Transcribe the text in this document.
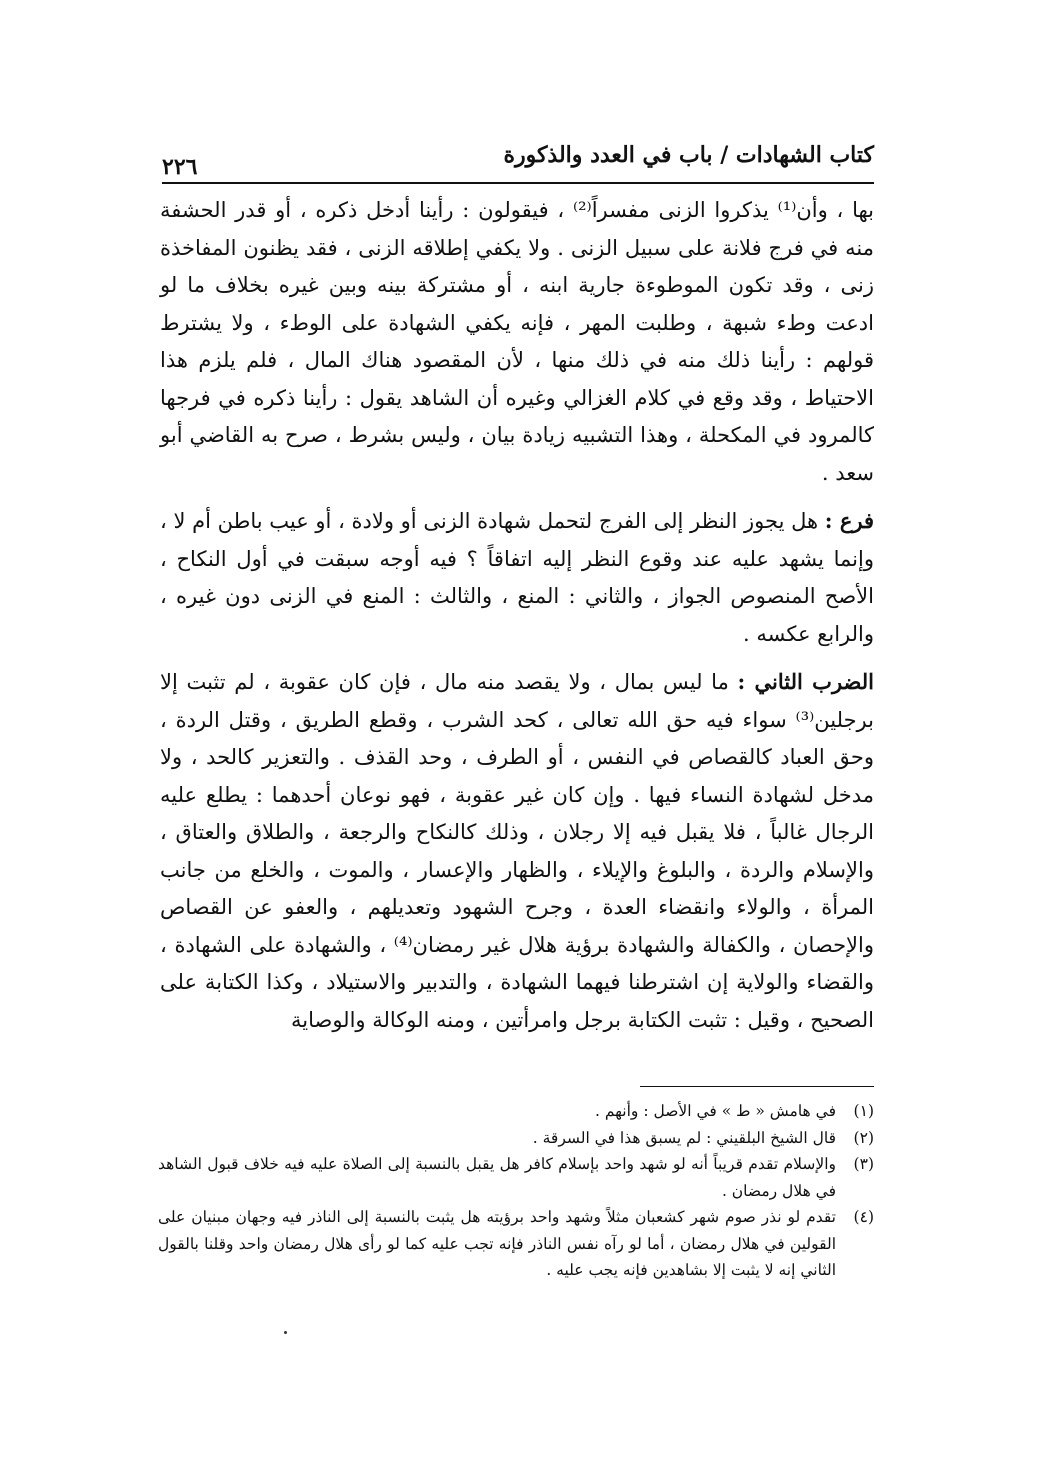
كتاب الشهادات / باب في العدد والذكورة
٢٢٦

بها ، وأن⁽¹⁾ يذكروا الزنى مفسراً⁽²⁾ ، فيقولون : رأينا أدخل ذكره ، أو قدر الحشفة منه في فرج فلانة على سبيل الزنى . ولا يكفي إطلاقه الزنى ، فقد يظنون المفاخذة زنى ، وقد تكون الموطوءة جارية ابنه ، أو مشتركة بينه وبين غيره بخلاف ما لو ادعت وطء شبهة ، وطلبت المهر ، فإنه يكفي الشهادة على الوطء ، ولا يشترط قولهم : رأينا ذلك منه في ذلك منها ، لأن المقصود هناك المال ، فلم يلزم هذا الاحتياط ، وقد وقع في كلام الغزالي وغيره أن الشاهد يقول : رأينا ذكره في فرجها كالمرود في المكحلة ، وهذا التشبيه زيادة بيان ، وليس بشرط ، صرح به القاضي أبو سعد .

فرع : هل يجوز النظر إلى الفرج لتحمل شهادة الزنى أو ولادة ، أو عيب باطن أم لا ، وإنما يشهد عليه عند وقوع النظر إليه اتفاقاً ؟ فيه أوجه سبقت في أول النكاح ، الأصح المنصوص الجواز ، والثاني : المنع ، والثالث : المنع في الزنى دون غيره ، والرابع عكسه .

الضرب الثاني : ما ليس بمال ، ولا يقصد منه مال ، فإن كان عقوبة ، لم تثبت إلا برجلين⁽³⁾ سواء فيه حق الله تعالى ، كحد الشرب ، وقطع الطريق ، وقتل الردة ، وحق العباد كالقصاص في النفس ، أو الطرف ، وحد القذف . والتعزير كالحد ، ولا مدخل لشهادة النساء فيها . وإن كان غير عقوبة ، فهو نوعان أحدهما : يطلع عليه الرجال غالباً ، فلا يقبل فيه إلا رجلان ، وذلك كالنكاح والرجعة ، والطلاق والعتاق ، والإسلام والردة ، والبلوغ والإيلاء ، والظهار والإعسار ، والموت ، والخلع من جانب المرأة ، والولاء وانقضاء العدة ، وجرح الشهود وتعديلهم ، والعفو عن القصاص والإحصان ، والكفالة والشهادة برؤية هلال غير رمضان⁽⁴⁾ ، والشهادة على الشهادة ، والقضاء والولاية إن اشترطنا فيهما الشهادة ، والتدبير والاستيلاد ، وكذا الكتابة على الصحيح ، وقيل : تثبت الكتابة برجل وامرأتين ، ومنه الوكالة والوصاية

(١)
في هامش « ط » في الأصل : وأنهم .
(٢)
قال الشيخ البلقيني : لم يسبق هذا في السرقة .
(٣)
والإسلام تقدم قريباً أنه لو شهد واحد بإسلام كافر هل يقبل بالنسبة إلى الصلاة عليه فيه خلاف قبول الشاهد في هلال رمضان .
(٤)
تقدم لو نذر صوم شهر كشعبان مثلاً وشهد واحد برؤيته هل يثبت بالنسبة إلى الناذر فيه وجهان مبنيان على القولين في هلال رمضان ، أما لو رآه نفس الناذر فإنه تجب عليه كما لو رأى هلال رمضان واحد وقلنا بالقول الثاني إنه لا يثبت إلا بشاهدين فإنه يجب عليه .
